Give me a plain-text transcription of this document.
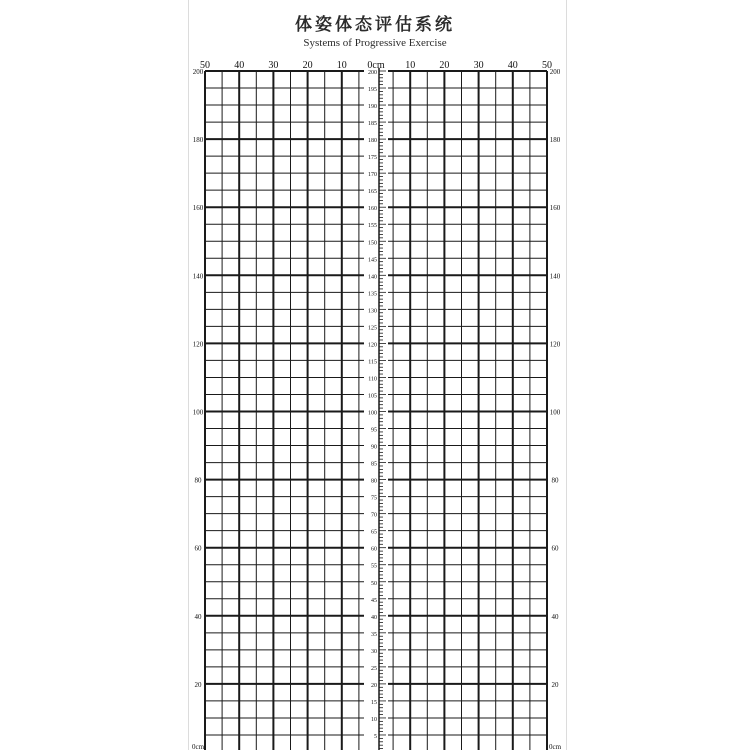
体姿体态评估系统
Systems of Progressive Exercise
200
195
190
185
180
175
170
165
160
155
150
145
140
135
130
125
120
115
110
105
100
95
90
85
80
75
70
65
60
55
50
45
40
35
30
25
20
15
10
5
50 40 30 20 10 0cm 10 20 30 40 50
200	200
180	180
160	160
140	140
120	120
100	100
80	80
60	60
40	40
20	20
0cm	0cm
